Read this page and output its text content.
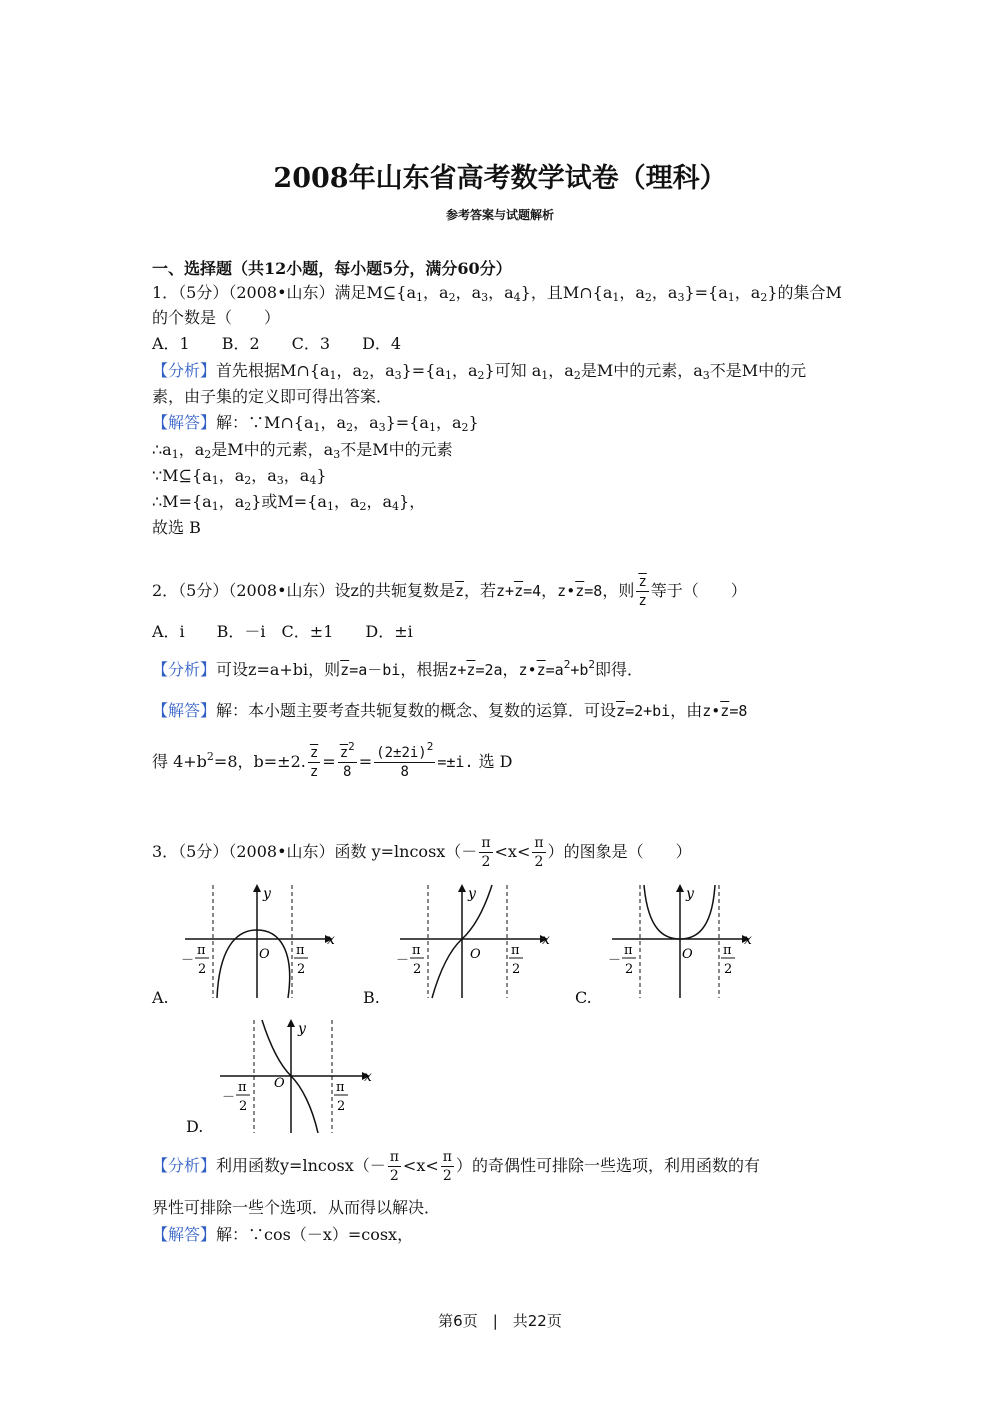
2008年山东省高考数学试卷（理科）
参考答案与试题解析
一、选择题（共12小题，每小题5分，满分60分）
1．（5分）（2008•山东）满足$M⊆\{a_1$，$a_2$，$a_3$，$a_4$}，且$M\cap\{a_1$，$a_2$，$a_3\}=\{a_1$，$a_2$}的集合M
的个数是（　　）
A．1　　B．2　　C．3　　D．4
【分析】首先根据$M\cap\{a_1$，$a_2$，$a_3\}=\{a_1$，$a_2$}可知 $a_1$，$a_2$是M中的元素，$a_3$不是M中的元
素，由子集的定义即可得出答案．
【解答】解：$\because M\cap\{a_1$，$a_2$，$a_3\}=\{a_1$，$a_2$}
$\therefore a_1$，$a_2$是M中的元素，$a_3$不是M中的元素
$\because M⊆\{a_1$，$a_2$，$a_3$，$a_4$}
$\therefore M=\{a_1$，$a_2$}或$M=\{a_1$，$a_2$，$a_4$}，
故选 B
2．（5分）（2008•山东）设z的共轭复数是$\overline{z}$，若$z+\overline{z}=4$，$z•\overline{z}=8$，则 $\frac{\overline{z}}{z}$ 等于（　　）
A．i　　B．－i　C．±1　　D．±i
【分析】可设z=a+bi，则$\overline{z}=a-bi$，根据$z+\overline{z}=2a$，$z•\overline{z}=a^2+b^2$即得．
【解答】解：本小题主要考查共轭复数的概念、复数的运算．可设$\overline{z}=2+bi$，由$z•\overline{z}=8$
得 $4+b^2=8$，b=±2. $\frac{\overline{z}}{z} = \frac{\overline{z}^2}{8} = \frac{(2\pm 2i)^2}{8} =\pm i$. 选 D
3．（5分）（2008•山东）函数 $y=lncosx(- \frac{\pi}{2} <x< \frac{\pi}{2}$ ）的图象是（　　）
x
y
O
－
π
2
π
2
A.
x
y
O
－
π
2
π
2
B.
x
y
O
－
π
2
π
2
C.
x
y
O
－
π
2
π
2
D.
【分析】利用函数$y=lncosx(- \frac{\pi}{2} <x< \frac{\pi}{2}$ ）的奇偶性可排除一些选项，利用函数的有
界性可排除一些个选项．从而得以解决．
【解答】解：∵cos（－x）=cosx，
第6页　|　共22页
